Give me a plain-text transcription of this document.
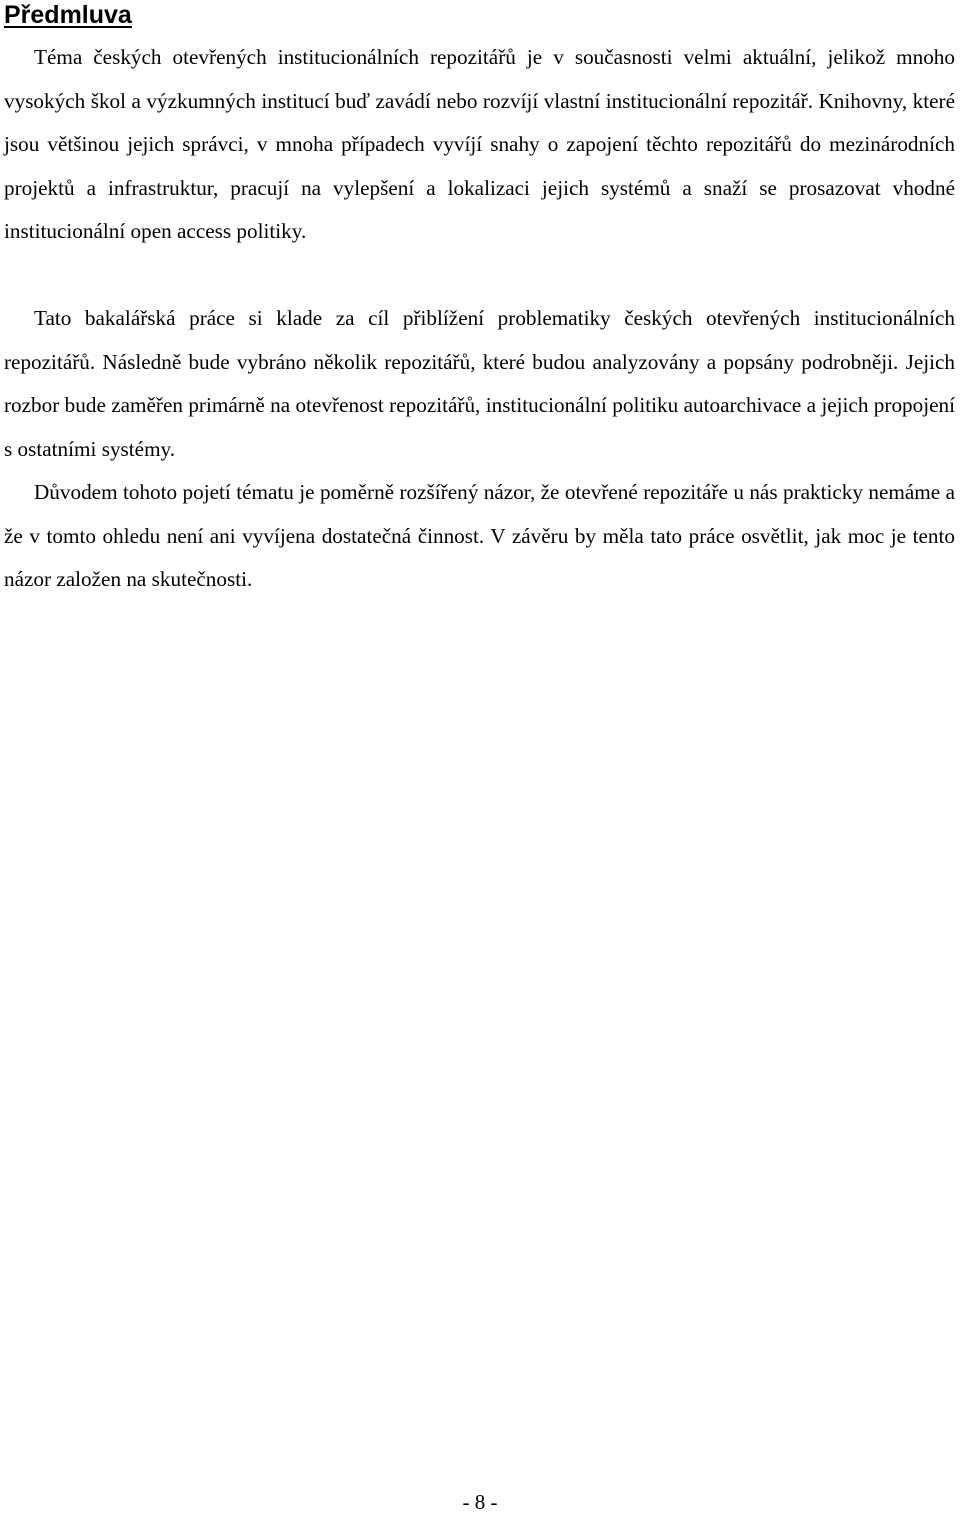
Předmluva

Téma českých otevřených institucionálních repozitářů je v současnosti velmi aktuální, jelikož mnoho vysokých škol a výzkumných institucí buď zavádí nebo rozvíjí vlastní institucionální repozitář. Knihovny, které jsou většinou jejich správci, v mnoha případech vyvíjí snahy o zapojení těchto repozitářů do mezinárodních projektů a infrastruktur, pracují na vylepšení a lokalizaci jejich systémů a snaží se prosazovat vhodné institucionální open access politiky.

Tato bakalářská práce si klade za cíl přiblížení problematiky českých otevřených institucionálních repozitářů. Následně bude vybráno několik repozitářů, které budou analyzovány a popsány podrobněji. Jejich rozbor bude zaměřen primárně na otevřenost repozitářů, institucionální politiku autoarchivace a jejich propojení s ostatními systémy.

Důvodem tohoto pojetí tématu je poměrně rozšířený názor, že otevřené repozitáře u nás prakticky nemáme a že v tomto ohledu není ani vyvíjena dostatečná činnost. V závěru by měla tato práce osvětlit, jak moc je tento názor založen na skutečnosti.

- 8 -
